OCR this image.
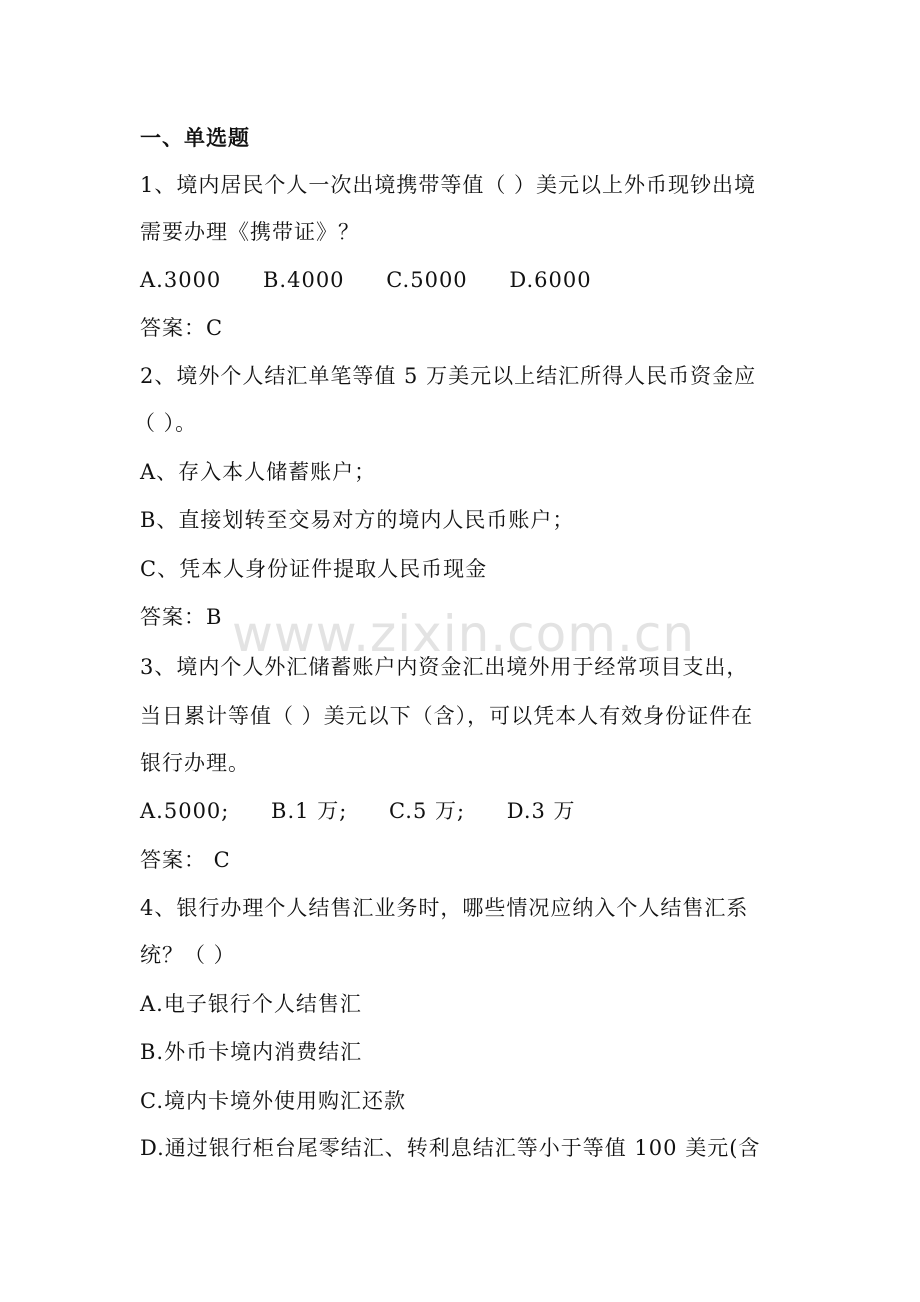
一、单选题
1、境内居民个人一次出境携带等值（ ）美元以上外币现钞出境
需要办理《携带证》？
A.3000 B.4000 C.5000 D.6000
答案：C
2、境外个人结汇单笔等值 5 万美元以上结汇所得人民币资金应
（ ）。
A、存入本人储蓄账户；
B、直接划转至交易对方的境内人民币账户；
C、凭本人身份证件提取人民币现金
答案：B
3、境内个人外汇储蓄账户内资金汇出境外用于经常项目支出，
当日累计等值（ ）美元以下（含），可以凭本人有效身份证件在
银行办理。
A.5000; B.1 万; C.5 万; D.3 万
答案： C
4、银行办理个人结售汇业务时，哪些情况应纳入个人结售汇系
统？（ ）
A.电子银行个人结售汇
B.外币卡境内消费结汇
C.境内卡境外使用购汇还款
D.通过银行柜台尾零结汇、转利息结汇等小于等值 100 美元(含
www.zixin.com.cn
